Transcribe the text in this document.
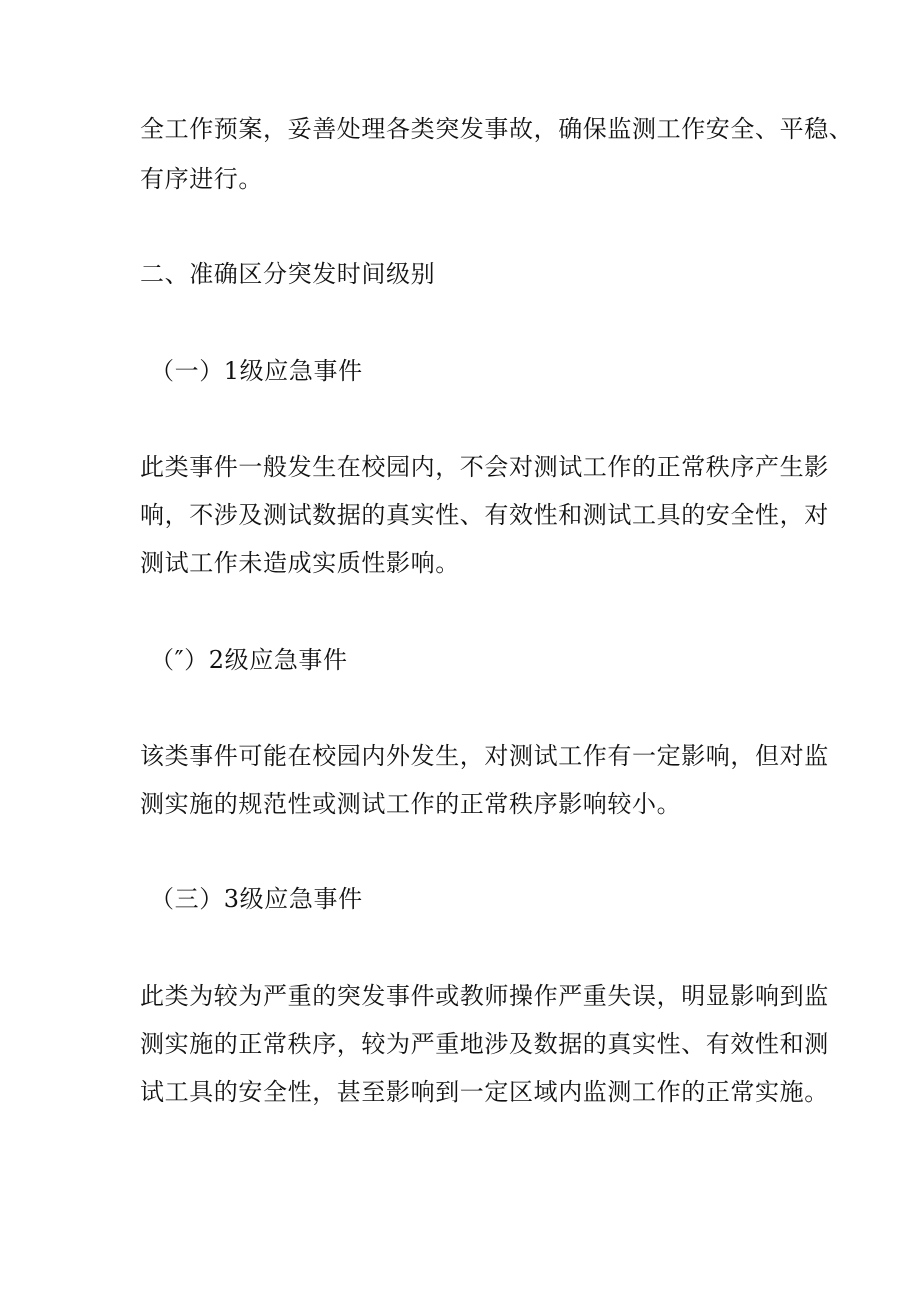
全工作预案，妥善处理各类突发事故，确保监测工作安全、平稳、

有序进行。

二、准确区分突发时间级别

（一）1级应急事件

此类事件一般发生在校园内，不会对测试工作的正常秩序产生影

响，不涉及测试数据的真实性、有效性和测试工具的安全性，对

测试工作未造成实质性影响。

（″）2级应急事件

该类事件可能在校园内外发生，对测试工作有一定影响，但对监

测实施的规范性或测试工作的正常秩序影响较小。

（三）3级应急事件

此类为较为严重的突发事件或教师操作严重失误，明显影响到监

测实施的正常秩序，较为严重地涉及数据的真实性、有效性和测

试工具的安全性，甚至影响到一定区域内监测工作的正常实施。
